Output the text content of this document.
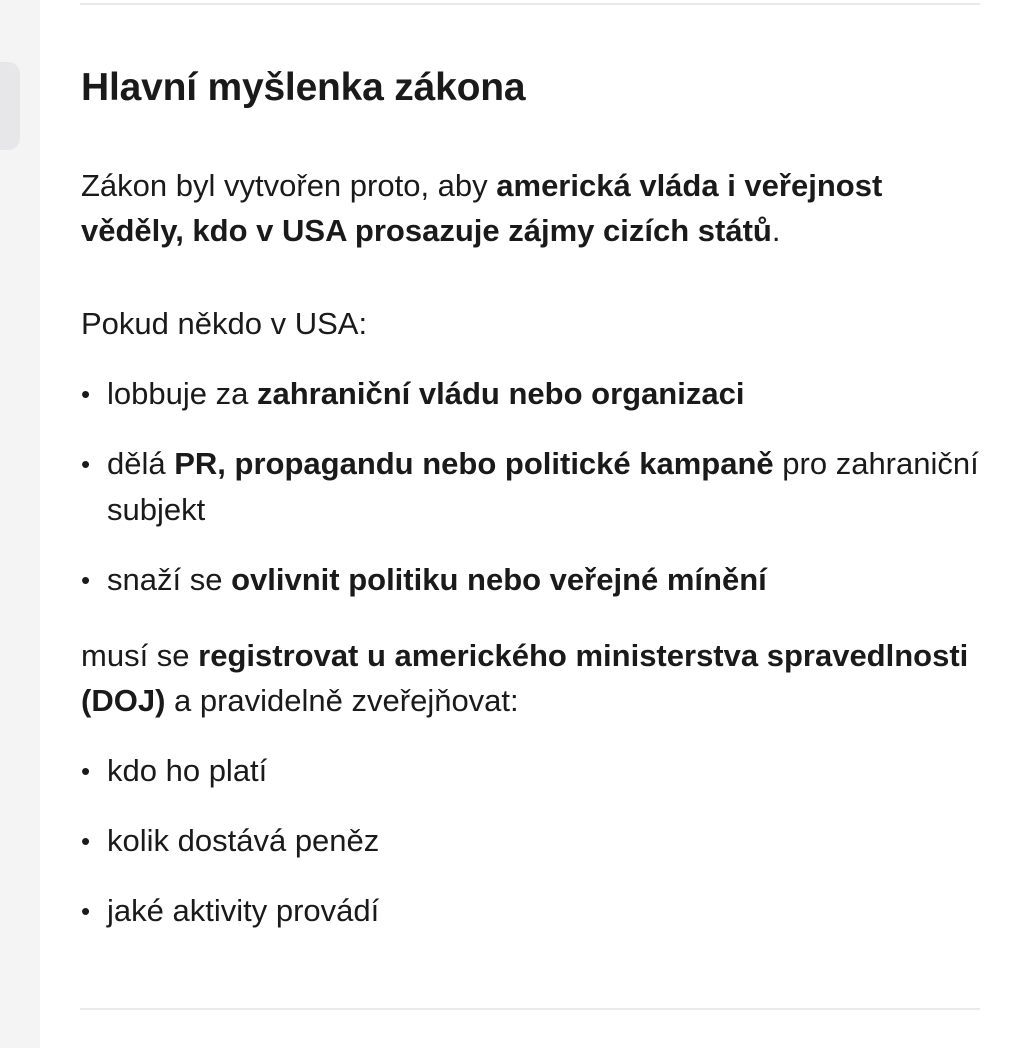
Hlavní myšlenka zákona

Zákon byl vytvořen proto, aby americká vláda i veřejnost věděly, kdo v USA prosazuje zájmy cizích států.

Pokud někdo v USA:

• lobbuje za zahraniční vládu nebo organizaci
• dělá PR, propagandu nebo politické kampaně pro zahraniční subjekt
• snaží se ovlivnit politiku nebo veřejné mínění

musí se registrovat u amerického ministerstva spravedlnosti (DOJ) a pravidelně zveřejňovat:

• kdo ho platí
• kolik dostává peněz
• jaké aktivity provádí
